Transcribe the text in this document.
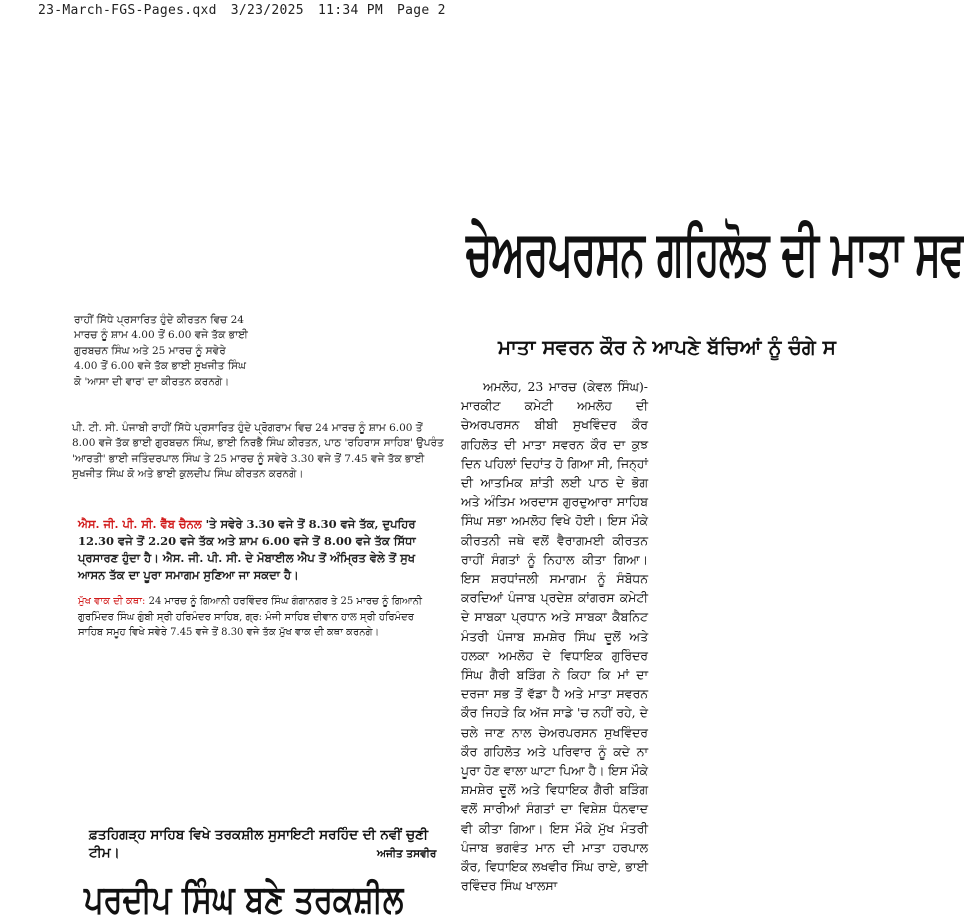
23-March-FGS-Pages.qxd 3/23/2025 11:34 PM Page 2
ਚੇਅਰਪਰਸਨ ਗਹਿਲੋਤ ਦੀ ਮਾਤਾ ਸਵ
ਮਾਤਾ ਸਵਰਨ ਕੌਰ ਨੇ ਆਪਣੇ ਬੱਚਿਆਂ ਨੂੰ ਚੰਗੇ ਸ

ਰਾਹੀਂ ਸਿੱਧੇ ਪ੍ਰਸਾਰਿਤ ਹੁੰਦੇ ਕੀਰਤਨ ਵਿਚ 24 ਮਾਰਚ ਨੂੰ ਸ਼ਾਮ 4.00 ਤੋਂ 6.00 ਵਜੇ ਤੱਕ ਭਾਈ ਗੁਰਬਚਨ ਸਿੰਘ ਅਤੇ 25 ਮਾਰਚ ਨੂੰ ਸਵੇਰੇ 4.00 ਤੋਂ 6.00 ਵਜੇ ਤੱਕ ਭਾਈ ਸੁਖਜੀਤ ਸਿੰਘ ਕੋ 'ਆਸਾ ਦੀ ਵਾਰ' ਦਾ ਕੀਰਤਨ ਕਰਨਗੇ।

ਪੀ. ਟੀ. ਸੀ. ਪੰਜਾਬੀ ਰਾਹੀਂ ਸਿੱਧੇ ਪ੍ਰਸਾਰਿਤ ਹੁੰਦੇ ਪ੍ਰੋਗਰਾਮ ਵਿਚ 24 ਮਾਰਚ ਨੂੰ ਸ਼ਾਮ 6.00 ਤੋਂ 8.00 ਵਜੇ ਤੱਕ ਭਾਈ ਗੁਰਬਚਨ ਸਿੰਘ, ਭਾਈ ਨਿਰਭੈ ਸਿੰਘ ਕੀਰਤਨ, ਪਾਠ 'ਰਹਿਰਾਸ ਸਾਹਿਬ' ਉਪਰੰਤ 'ਆਰਤੀ' ਭਾਈ ਜਤਿੰਦਰਪਾਲ ਸਿੰਘ ਤੇ 25 ਮਾਰਚ ਨੂੰ ਸਵੇਰੇ 3.30 ਵਜੇ ਤੋਂ 7.45 ਵਜੇ ਤੱਕ ਭਾਈ ਸੁਖਜੀਤ ਸਿੰਘ ਕੋ ਅਤੇ ਭਾਈ ਕੁਲਦੀਪ ਸਿੰਘ ਕੀਰਤਨ ਕਰਨਗੇ।

ਐਸ. ਜੀ. ਪੀ. ਸੀ. ਵੈੱਬ ਚੈਨਲ 'ਤੇ ਸਵੇਰੇ 3.30 ਵਜੇ ਤੋਂ 8.30 ਵਜੇ ਤੱਕ, ਦੁਪਹਿਰ 12.30 ਵਜੇ ਤੋਂ 2.20 ਵਜੇ ਤੱਕ ਅਤੇ ਸ਼ਾਮ 6.00 ਵਜੇ ਤੋਂ 8.00 ਵਜੇ ਤੱਕ ਸਿੱਧਾ ਪ੍ਰਸਾਰਣ ਹੁੰਦਾ ਹੈ। ਐਸ. ਜੀ. ਪੀ. ਸੀ. ਦੇ ਮੋਬਾਈਲ ਐਪ ਤੋਂ ਅੰਮ੍ਰਿਤ ਵੇਲੇ ਤੋਂ ਸੁਖ ਆਸਨ ਤੱਕ ਦਾ ਪੂਰਾ ਸਮਾਗਮ ਸੁਣਿਆ ਜਾ ਸਕਦਾ ਹੈ।

ਮੁੱਖ ਵਾਕ ਦੀ ਕਥਾ: 24 ਮਾਰਚ ਨੂੰ ਗਿਆਨੀ ਹਰਵਿੰਦਰ ਸਿੰਘ ਗੰਗਾਨਗਰ ਤੇ 25 ਮਾਰਚ ਨੂੰ ਗਿਆਨੀ ਗੁਰਮਿੰਦਰ ਸਿੰਘ ਗੁੰਬੀ ਸ੍ਰੀ ਹਰਿਮੰਦਰ ਸਾਹਿਬ, ਗ੍ਰ: ਮੰਜੀ ਸਾਹਿਬ ਦੀਵਾਨ ਹਾਲ ਸ੍ਰੀ ਹਰਿਮੰਦਰ ਸਾਹਿਬ ਸਮੂਹ ਵਿਖੇ ਸਵੇਰੇ 7.45 ਵਜੇ ਤੋਂ 8.30 ਵਜੇ ਤੱਕ ਮੁੱਖ ਵਾਕ ਦੀ ਕਥਾ ਕਰਨਗੇ।

ਅਮਲੋਹ, 23 ਮਾਰਚ (ਕੇਵਲ ਸਿੰਘ)-ਮਾਰਕੀਟ ਕਮੇਟੀ ਅਮਲੋਹ ਦੀ ਚੇਅਰਪਰਸਨ ਬੀਬੀ ਸੁਖਵਿੰਦਰ ਕੌਰ ਗਹਿਲੋਤ ਦੀ ਮਾਤਾ ਸਵਰਨ ਕੌਰ ਦਾ ਕੁਝ ਦਿਨ ਪਹਿਲਾਂ ਦਿਹਾਂਤ ਹੋ ਗਿਆ ਸੀ, ਜਿਨ੍ਹਾਂ ਦੀ ਆਤਮਿਕ ਸ਼ਾਂਤੀ ਲਈ ਪਾਠ ਦੇ ਭੋਗ ਅਤੇ ਅੰਤਿਮ ਅਰਦਾਸ ਗੁਰਦੁਆਰਾ ਸਾਹਿਬ ਸਿੰਘ ਸਭਾ ਅਮਲੋਹ ਵਿਖੇ ਹੋਈ। ਇਸ ਮੌਕੇ ਕੀਰਤਨੀ ਜਥੇ ਵਲੋਂ ਵੈਰਾਗਮਈ ਕੀਰਤਨ ਰਾਹੀਂ ਸੰਗਤਾਂ ਨੂੰ ਨਿਹਾਲ ਕੀਤਾ ਗਿਆ। ਇਸ ਸ਼ਰਧਾਂਜਲੀ ਸਮਾਗਮ ਨੂੰ ਸੰਬੋਧਨ ਕਰਦਿਆਂ ਪੰਜਾਬ ਪ੍ਰਦੇਸ਼ ਕਾਂਗਰਸ ਕਮੇਟੀ ਦੇ ਸਾਬਕਾ ਪ੍ਰਧਾਨ ਅਤੇ ਸਾਬਕਾ ਕੈਬਨਿਟ ਮੰਤਰੀ ਪੰਜਾਬ ਸ਼ਮਸ਼ੇਰ ਸਿੰਘ ਦੂਲੋਂ ਅਤੇ ਹਲਕਾ ਅਮਲੋਹ ਦੇ ਵਿਧਾਇਕ ਗੁਰਿੰਦਰ ਸਿੰਘ ਗੈਰੀ ਬੜਿੰਗ ਨੇ ਕਿਹਾ ਕਿ ਮਾਂ ਦਾ ਦਰਜਾ ਸਭ ਤੋਂ ਵੱਡਾ ਹੈ ਅਤੇ ਮਾਤਾ ਸਵਰਨ ਕੌਰ ਜਿਹੜੇ ਕਿ ਅੱਜ ਸਾਡੇ 'ਚ ਨਹੀਂ ਰਹੇ, ਦੇ ਚਲੇ ਜਾਣ ਨਾਲ ਚੇਅਰਪਰਸਨ ਸੁਖਵਿੰਦਰ ਕੌਰ ਗਹਿਲੋਤ ਅਤੇ ਪਰਿਵਾਰ ਨੂੰ ਕਦੇ ਨਾ ਪੂਰਾ ਹੋਣ ਵਾਲਾ ਘਾਟਾ ਪਿਆ ਹੈ। ਇਸ ਮੌਕੇ ਸ਼ਮਸ਼ੇਰ ਦੂਲੋਂ ਅਤੇ ਵਿਧਾਇਕ ਗੈਰੀ ਬੜਿੰਗ ਵਲੋਂ ਸਾਰੀਆਂ ਸੰਗਤਾਂ ਦਾ ਵਿਸ਼ੇਸ਼ ਧੰਨਵਾਦ ਵੀ ਕੀਤਾ ਗਿਆ। ਇਸ ਮੌਕੇ ਮੁੱਖ ਮੰਤਰੀ ਪੰਜਾਬ ਭਗਵੰਤ ਮਾਨ ਦੀ ਮਾਤਾ ਹਰਪਾਲ ਕੌਰ, ਵਿਧਾਇਕ ਲਖਵੀਰ ਸਿੰਘ ਰਾਏ, ਭਾਈ ਰਵਿੰਦਰ ਸਿੰਘ ਖਾਲਸਾ

ਫ਼ਤਹਿਗੜ੍ਹ ਸਾਹਿਬ ਵਿਖੇ ਤਰਕਸ਼ੀਲ ਸੁਸਾਇਟੀ ਸਰਹਿੰਦ ਦੀ ਨਵੀਂ ਚੁਣੀ ਟੀਮ।	ਅਜੀਤ ਤਸਵੀਰ
ਪਰਦੀਪ ਸਿੰਘ ਬਣੇ ਤਰਕਸ਼ੀਲ
